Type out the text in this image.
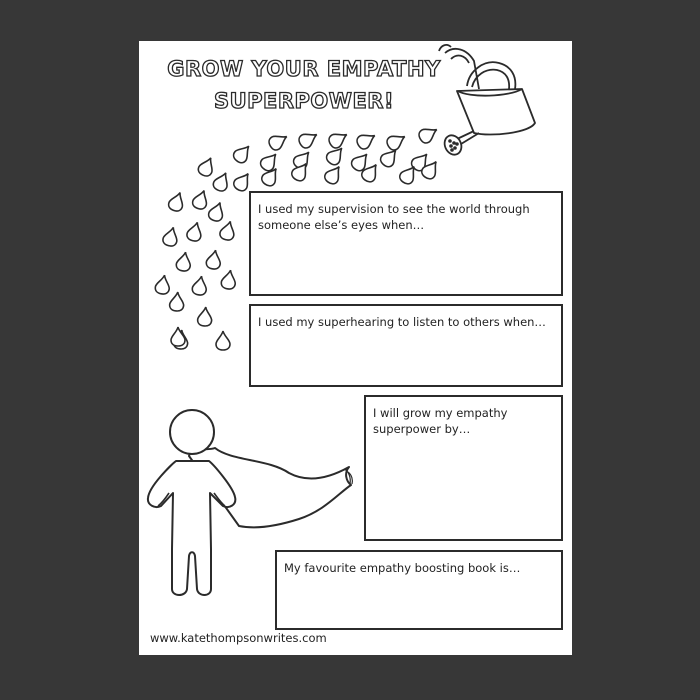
GROW YOUR EMPATHY
SUPERPOWER!

I used my supervision to see the world through someone else’s eyes when…

I used my superhearing to listen to others when…

I will grow my empathy superpower by…

My favourite empathy boosting book is…

www.katethompsonwrites.com
